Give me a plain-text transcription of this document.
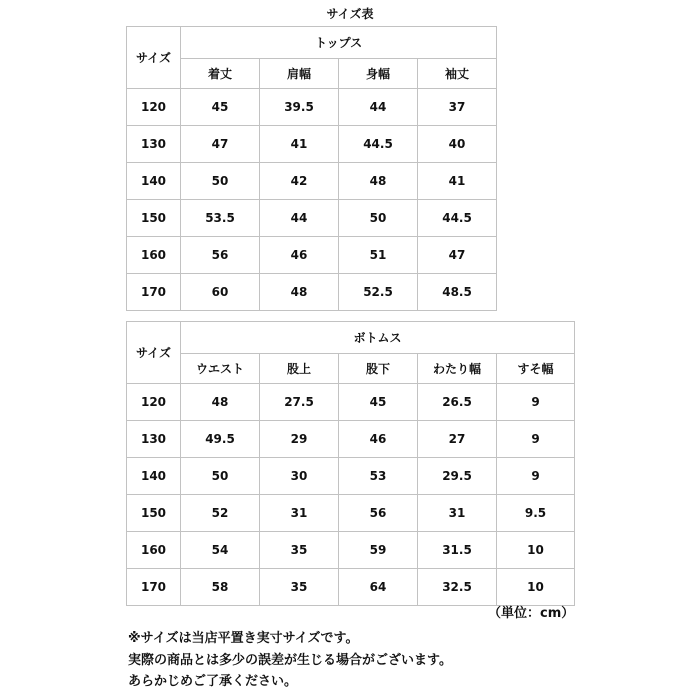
サイズ表
サイズ	トップス			
	着丈	肩幅	身幅	袖丈
120	45	39.5	44	37
130	47	41	44.5	40
140	50	42	48	41
150	53.5	44	50	44.5
160	56	46	51	47
170	60	48	52.5	48.5
サイズ	ボトムス				
	ウエスト	股上	股下	わたり幅	すそ幅
120	48	27.5	45	26.5	9
130	49.5	29	46	27	9
140	50	30	53	29.5	9
150	52	31	56	31	9.5
160	54	35	59	31.5	10
170	58	35	64	32.5	10
（単位：cm）
※サイズは当店平置き実寸サイズです。
実際の商品とは多少の誤差が生じる場合がございます。
あらかじめご了承ください。
